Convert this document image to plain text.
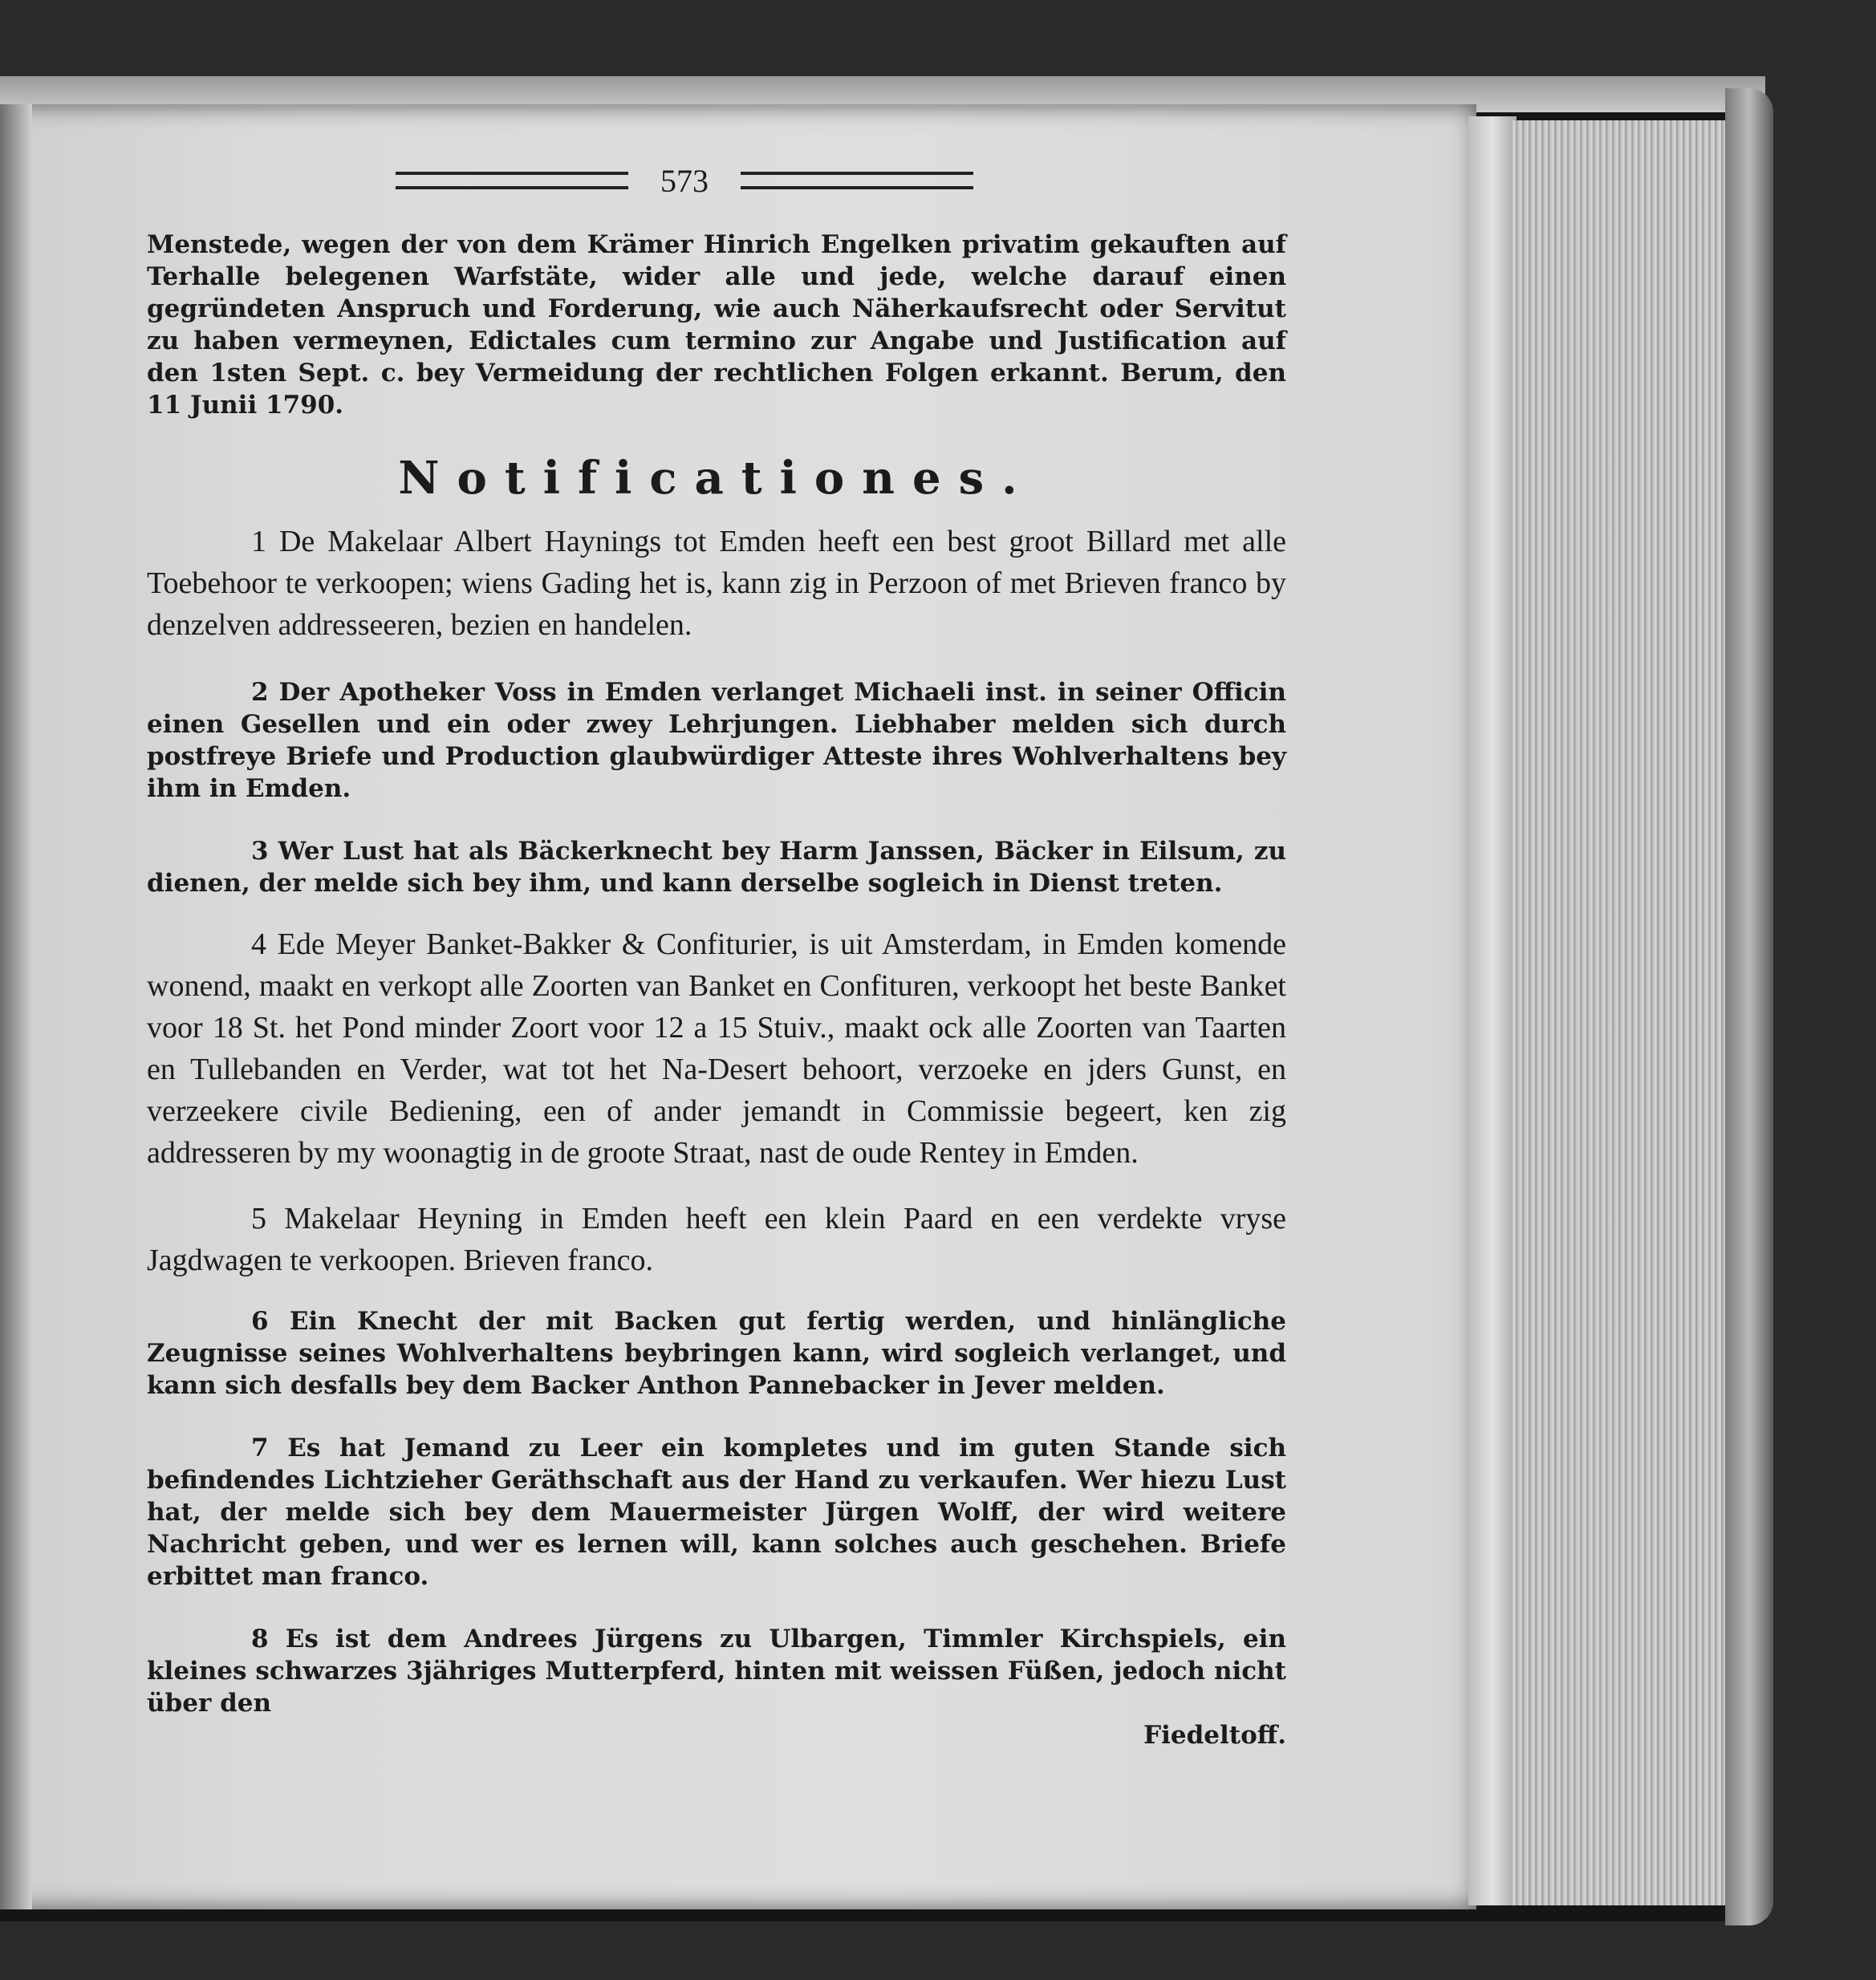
573

Menstede, wegen der von dem Krämer Hinrich Engelken privatim gekauften auf Terhalle belegenen Warfstäte, wider alle und jede, welche darauf einen gegründeten Anspruch und Forderung, wie auch Näherkaufsrecht oder Servitut zu haben vermeynen, Edictales cum termino zur Angabe und Justification auf den 1sten Sept. c. bey Vermeidung der rechtlichen Folgen erkannt. Berum, den 11 Junii 1790.

Notificationes.

1 De Makelaar Albert Haynings tot Emden heeft een best groot Billard met alle Toebehoor te verkoopen; wiens Gading het is, kann zig in Perzoon of met Brieven franco by denzelven addresseeren, bezien en handelen.

2 Der Apotheker Voss in Emden verlanget Michaeli inst. in seiner Officin einen Gesellen und ein oder zwey Lehrjungen. Liebhaber melden sich durch postfreye Briefe und Production glaubwürdiger Atteste ihres Wohlverhaltens bey ihm in Emden.

3 Wer Lust hat als Bäckerknecht bey Harm Janssen, Bäcker in Eilsum, zu dienen, der melde sich bey ihm, und kann derselbe sogleich in Dienst treten.

4 Ede Meyer Banket-Bakker & Confiturier, is uit Amsterdam, in Emden komende wonend, maakt en verkopt alle Zoorten van Banket en Confituren, verkoopt het beste Banket voor 18 St. het Pond minder Zoort voor 12 a 15 Stuiv., maakt ock alle Zoorten van Taarten en Tullebanden en Verder, wat tot het Na-Desert behoort, verzoeke en jders Gunst, en verzeekere civile Bediening, een of ander jemandt in Commissie begeert, ken zig addresseren by my woonagtig in de groote Straat, nast de oude Rentey in Emden.

5 Makelaar Heyning in Emden heeft een klein Paard en een verdekte vryse Jagdwagen te verkoopen. Brieven franco.

6 Ein Knecht der mit Backen gut fertig werden, und hinlängliche Zeugnisse seines Wohlverhaltens beybringen kann, wird sogleich verlanget, und kann sich desfalls bey dem Backer Anthon Pannebacker in Jever melden.

7 Es hat Jemand zu Leer ein kompletes und im guten Stande sich befindendes Lichtzieher Geräthschaft aus der Hand zu verkaufen. Wer hiezu Lust hat, der melde sich bey dem Mauermeister Jürgen Wolff, der wird weitere Nachricht geben, und wer es lernen will, kann solches auch geschehen. Briefe erbittet man franco.

8 Es ist dem Andrees Jürgens zu Ulbargen, Timmler Kirchspiels, ein kleines schwarzes 3jähriges Mutterpferd, hinten mit weissen Füßen, jedoch nicht über den

Fiedeltoff.
